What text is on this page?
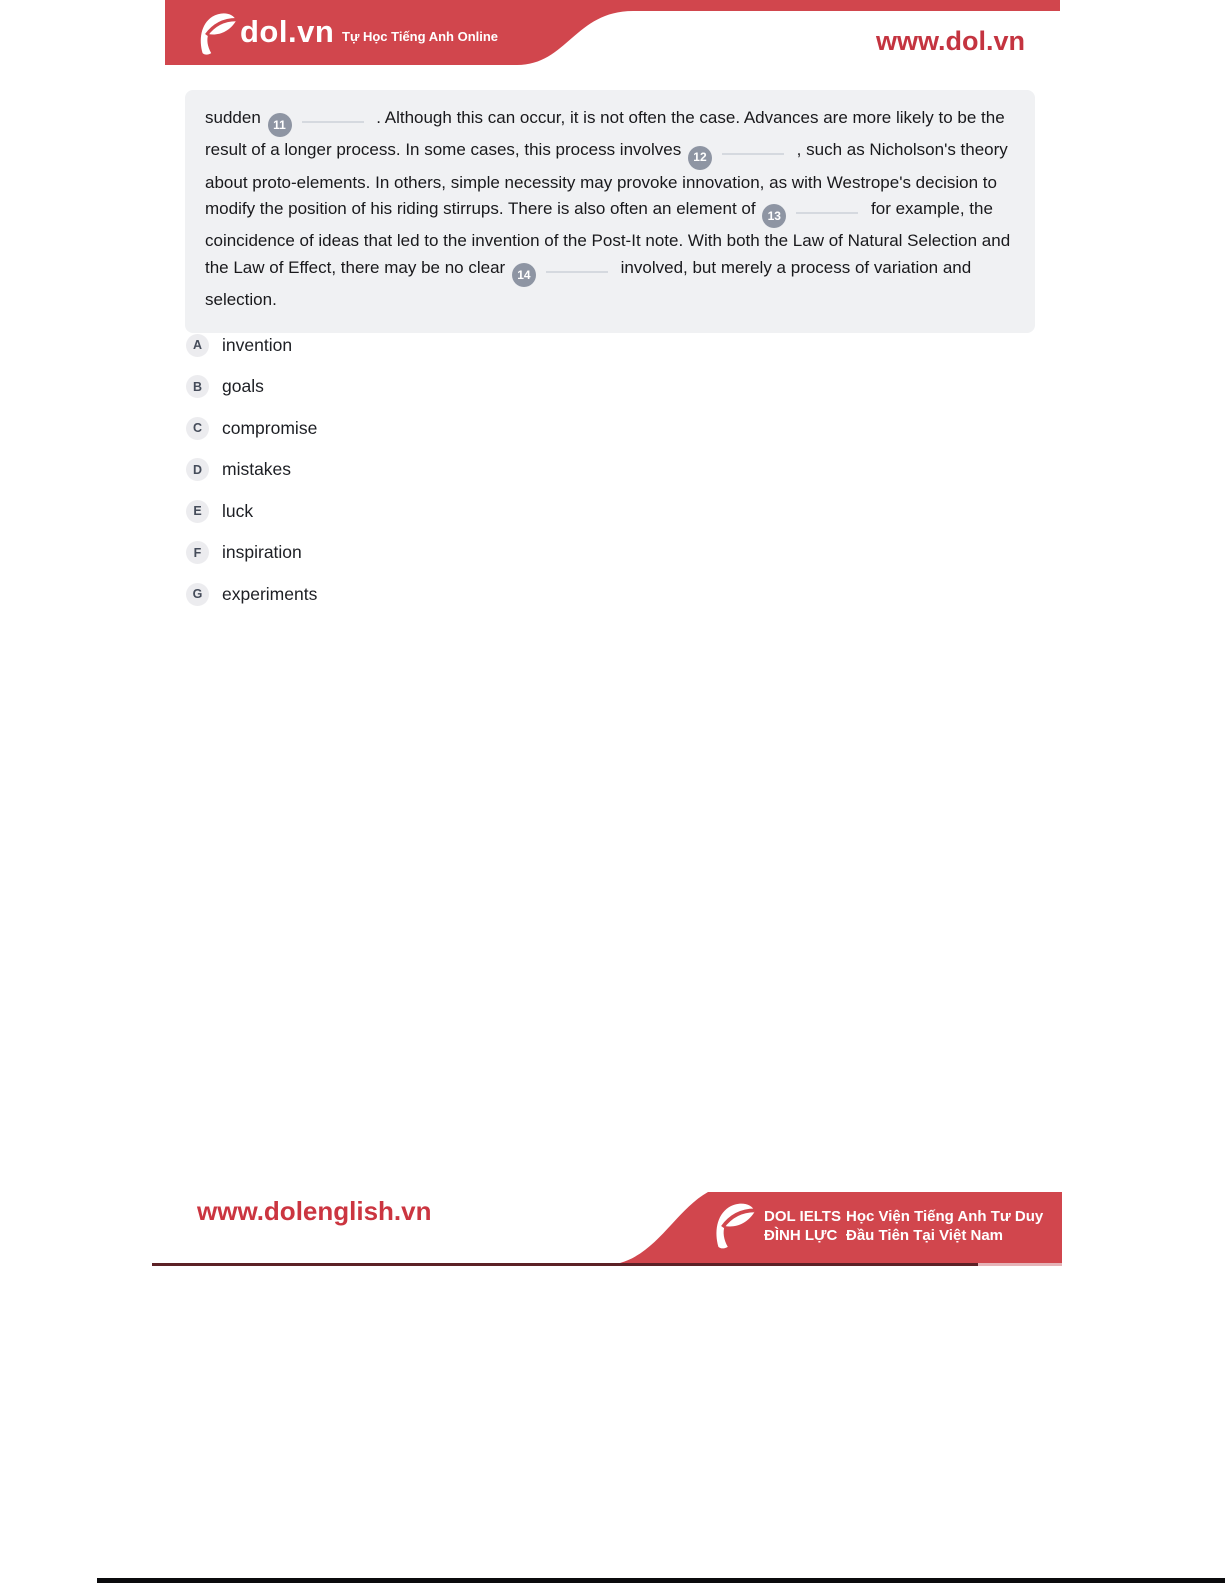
dol.vn Tự Học Tiếng Anh Online	www.dol.vn
sudden 11	. Although this can occur, it is not often the case. Advances are more likely to be the result of a longer process. In some cases, this process involves 12	, such as Nicholson's theory about proto-elements. In others, simple necessity may provoke innovation, as with Westrope's decision to modify the position of his riding stirrups. There is also often an element of 13	for example, the coincidence of ideas that led to the invention of the Post-It note. With both the Law of Natural Selection and the Law of Effect, there may be no clear 14	involved, but merely a process of variation and selection.
A	invention
B	goals
C	compromise
D	mistakes
E	luck
F	inspiration
G	experiments
www.dolenglish.vn	DOL IELTS
ĐÌNH LỰC
Học Viện Tiếng Anh Tư Duy
Đầu Tiên Tại Việt Nam
